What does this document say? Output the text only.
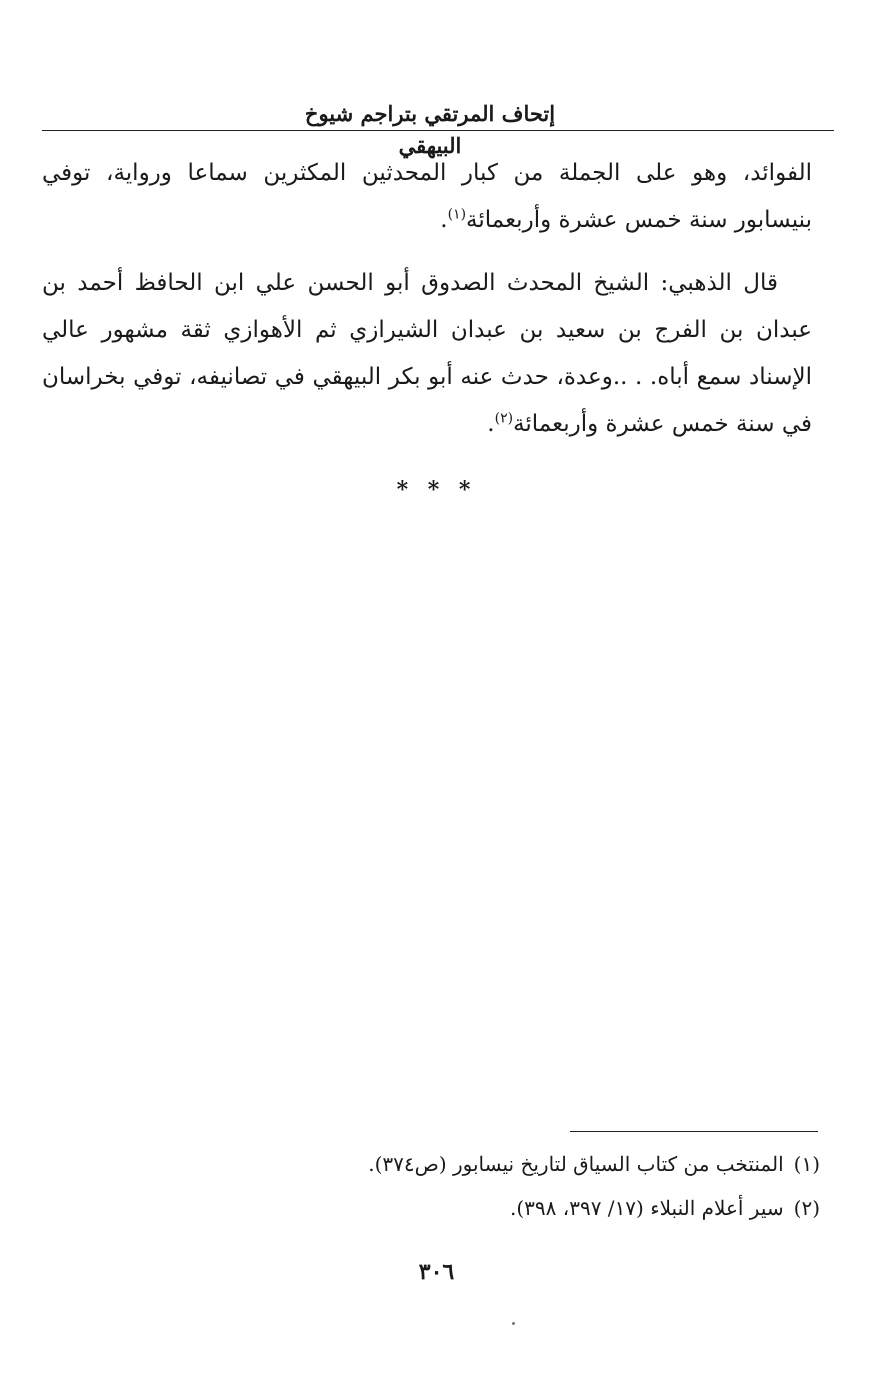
إتحاف المرتقي بتراجم شيوخ البيهقي
الفوائد، وهو على الجملة من كبار المحدثين المكثرين سماعا ورواية، توفي بنيسابور سنة خمس عشرة وأربعمائة$^{(١)}$.
قال الذهبي: الشيخ المحدث الصدوق أبو الحسن علي ابن الحافظ أحمد بن عبدان بن الفرج بن سعيد بن عبدان الشيرازي ثم الأهوازي ثقة مشهور عالي الإسناد سمع أباه. . ..وعدة، حدث عنه أبو بكر البيهقي في تصانيفه، توفي بخراسان في سنة خمس عشرة وأربعمائة$^{(٢)}$.
* * *
(١)المنتخب من كتاب السياق لتاريخ نيسابور (ص٣٧٤).
(٢)سير أعلام النبلاء (١٧/ ٣٩٧، ٣٩٨).
٣٠٦
